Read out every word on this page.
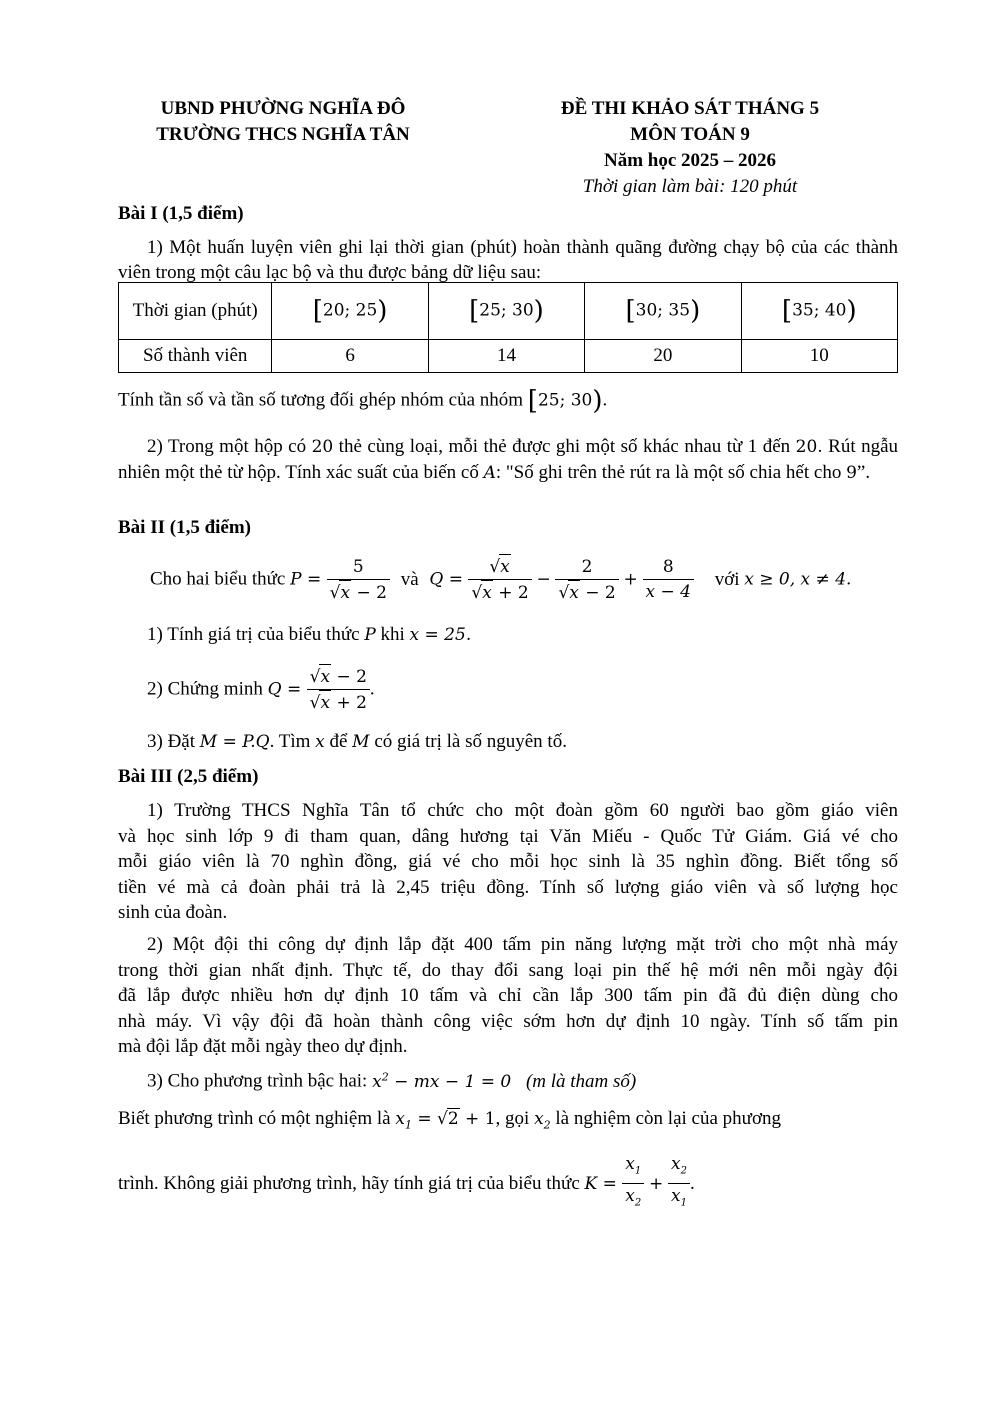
UBND PHƯỜNG NGHĨA ĐÔ
TRƯỜNG THCS NGHĨA TÂN
ĐỀ THI KHẢO SÁT THÁNG 5
MÔN TOÁN 9
Năm học 2025 – 2026
Thời gian làm bài: 120 phút
Bài I (1,5 điểm)
1) Một huấn luyện viên ghi lại thời gian (phút) hoàn thành quãng đường chạy bộ của các thành viên trong một câu lạc bộ và thu được bảng dữ liệu sau:
Thời gian (phút)	[20; 25)	[25; 30)	[30; 35)	[35; 40)
Số thành viên	6	14	20	10
Tính tần số và tần số tương đối ghép nhóm của nhóm [25; 30).
2) Trong một hộp có 20 thẻ cùng loại, mỗi thẻ được ghi một số khác nhau từ 1 đến 20. Rút ngẫu nhiên một thẻ từ hộp. Tính xác suất của biến cố A: "Số ghi trên thẻ rút ra là một số chia hết cho 9”.
Bài II (1,5 điểm)
Cho hai biểu thức $P = \frac{5}{√x - 2}$ và $Q = \frac{√x}{√x + 2} - \frac{2}{√x - 2} + \frac{8}{x - 4}$ với x ≥ 0, x ≠ 4.
1) Tính giá trị của biểu thức P khi x = 25.
2) Chứng minh $Q = \frac{√x - 2}{√x + 2}$ .
3) Đặt M = P.Q. Tìm x để M có giá trị là số nguyên tố.
Bài III (2,5 điểm)
1) Trường THCS Nghĩa Tân tổ chức cho một đoàn gồm 60 người bao gồm giáo viên
và học sinh lớp 9 đi tham quan, dâng hương tại Văn Miếu - Quốc Tử Giám. Giá vé cho
mỗi giáo viên là 70 nghìn đồng, giá vé cho mỗi học sinh là 35 nghìn đồng. Biết tổng số
tiền vé mà cả đoàn phải trả là 2,45 triệu đồng. Tính số lượng giáo viên và số lượng học
sinh của đoàn.
2) Một đội thi công dự định lắp đặt 400 tấm pin năng lượng mặt trời cho một nhà máy
trong thời gian nhất định. Thực tế, do thay đổi sang loại pin thế hệ mới nên mỗi ngày đội
đã lắp được nhiều hơn dự định 10 tấm và chỉ cần lắp 300 tấm pin đã đủ điện dùng cho
nhà máy. Vì vậy đội đã hoàn thành công việc sớm hơn dự định 10 ngày. Tính số tấm pin
mà đội lắp đặt mỗi ngày theo dự định.
3) Cho phương trình bậc hai: $x^2$ − mx − 1 = 0 (m là tham số)
Biết phương trình có một nghiệm là $x_1 = √2 + 1$, gọi $x_2$ là nghiệm còn lại của phương
trình. Không giải phương trình, hãy tính giá trị của biểu thức $K = \frac{x_1}{x_2} + \frac{x_2}{x_1}$ .
